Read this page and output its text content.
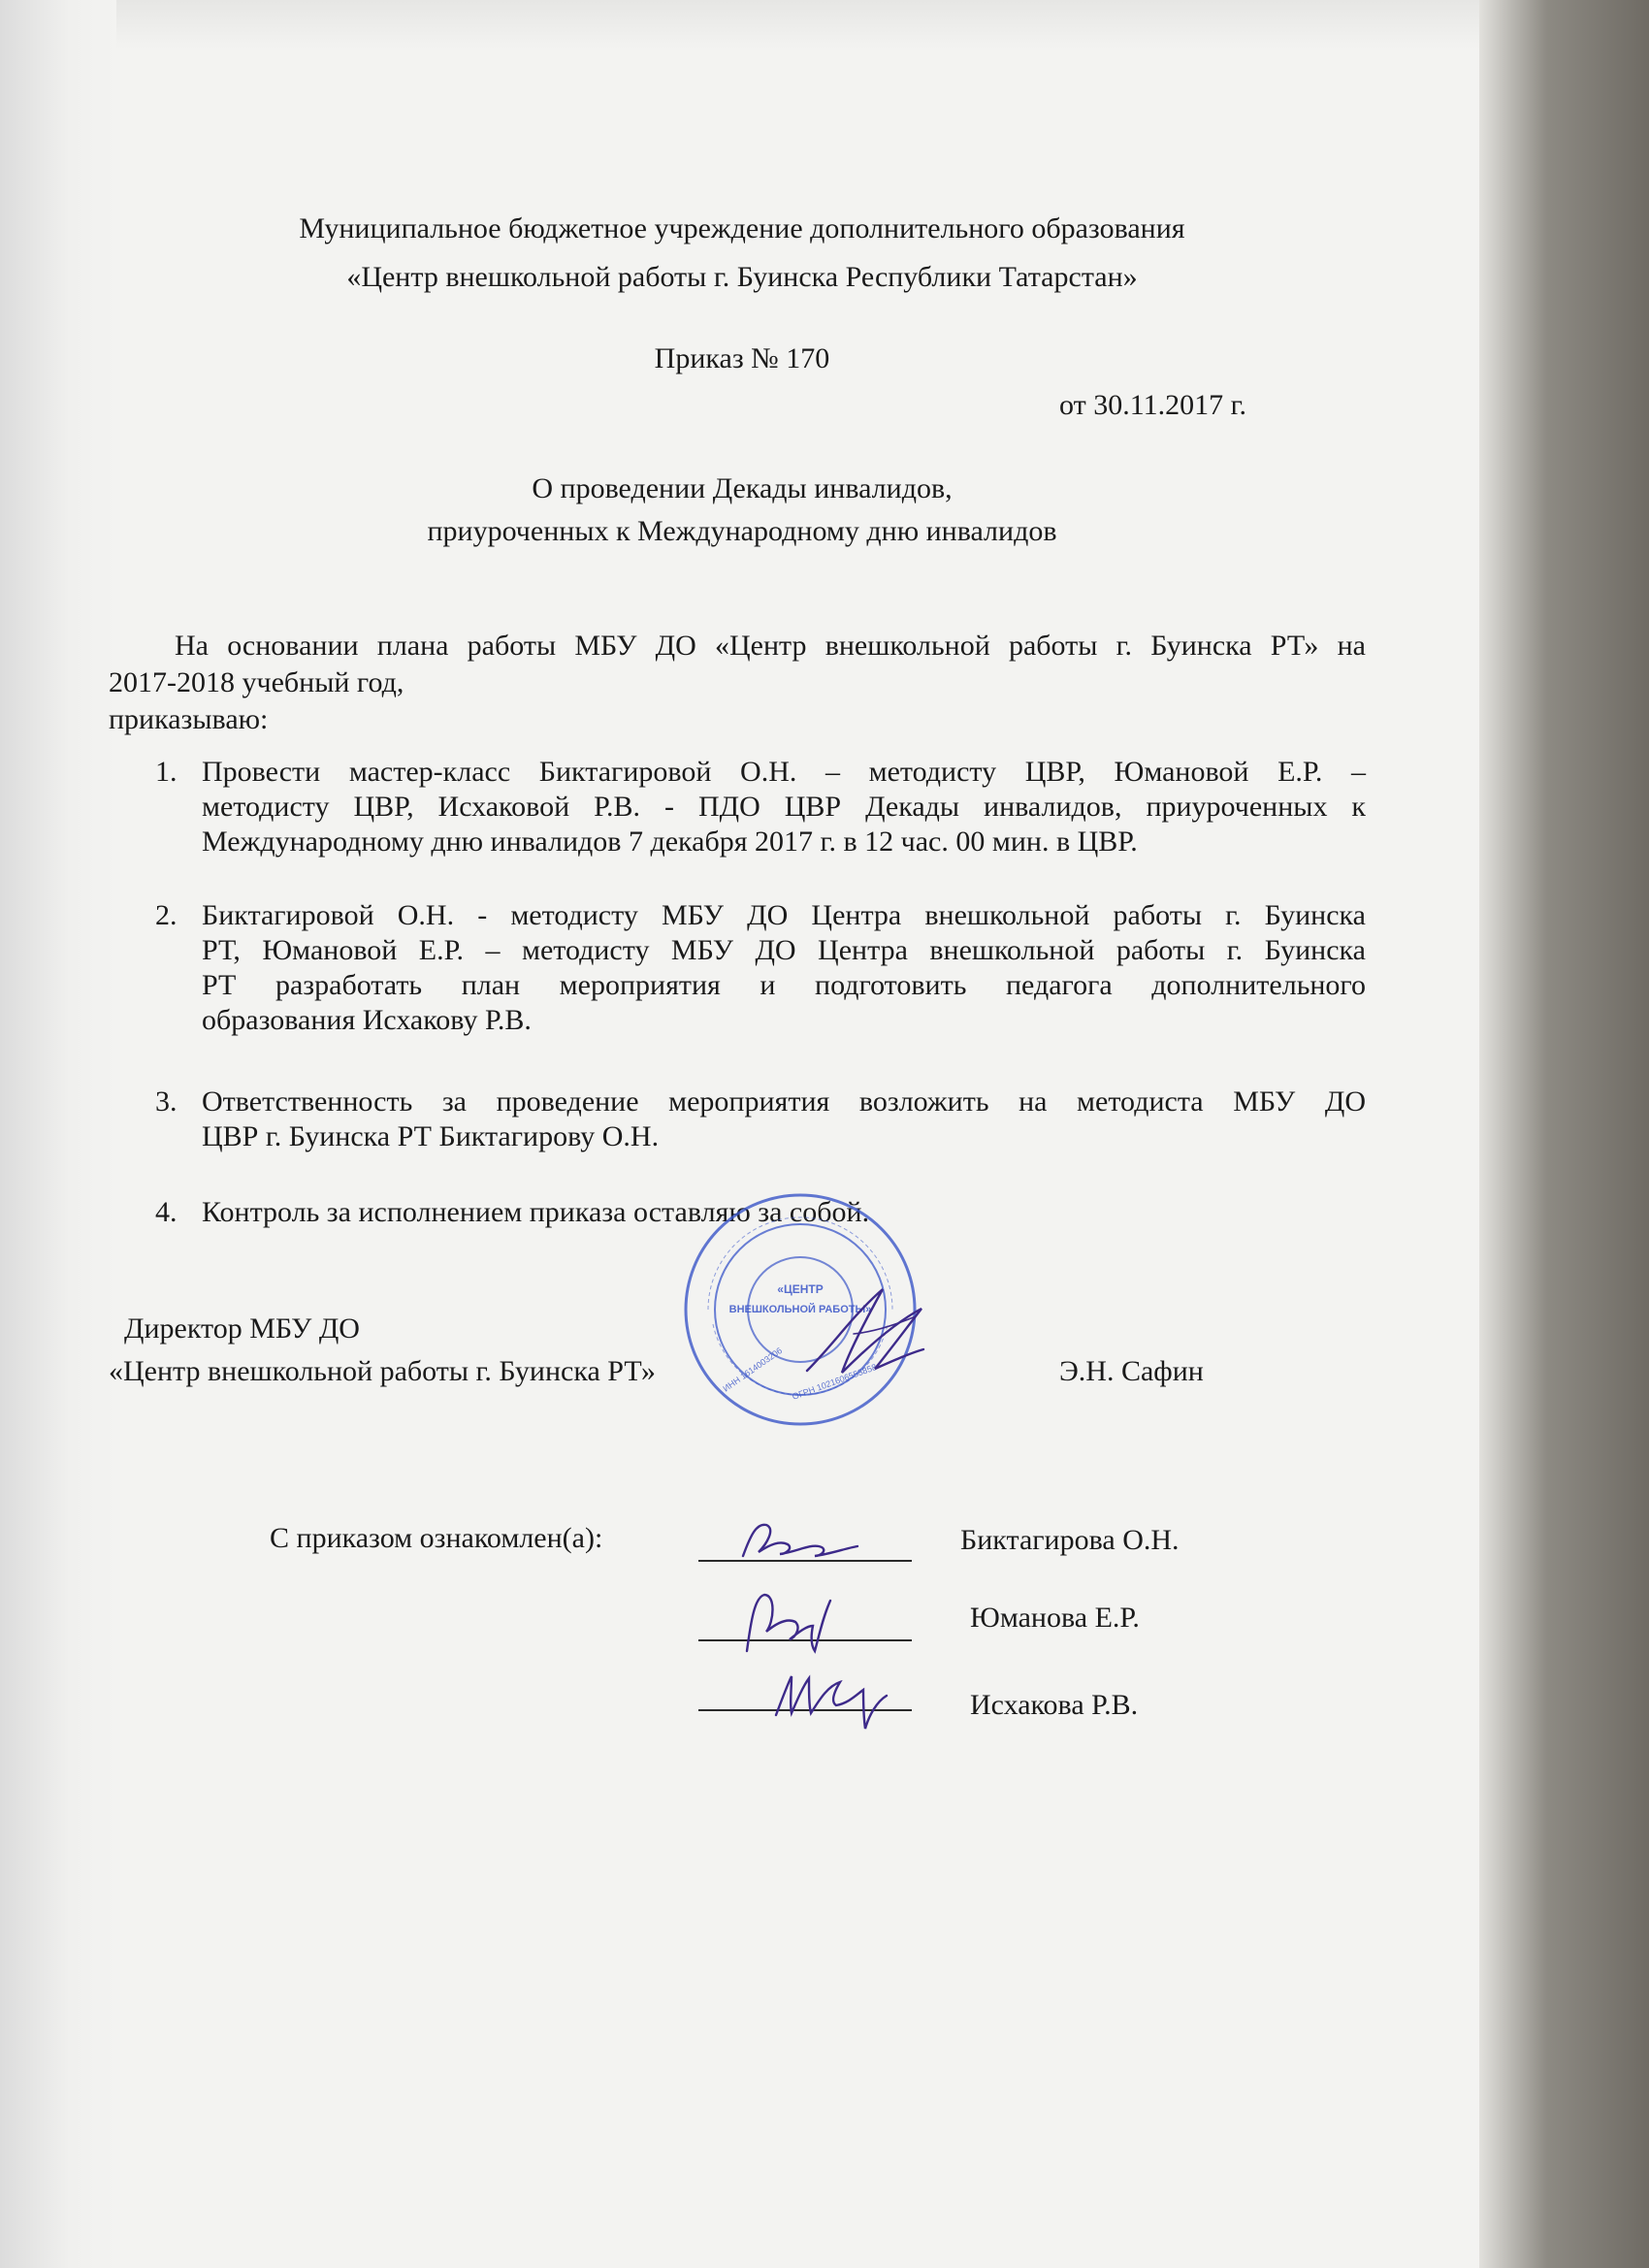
Муниципальное бюджетное учреждение дополнительного образования
«Центр внешкольной работы г. Буинска Республики Татарстан»
Приказ № 170
от 30.11.2017 г.
О проведении Декады инвалидов,
приуроченных к Международному дню инвалидов
На основании плана работы МБУ ДО «Центр внешкольной работы г. Буинска РТ» на
2017-2018 учебный год,
приказываю:
1. Провести мастер-класс Биктагировой О.Н. – методисту ЦВР, Юмановой Е.Р. –
методисту ЦВР, Исхаковой Р.В. - ПДО ЦВР Декады инвалидов, приуроченных к
Международному дню инвалидов 7 декабря 2017 г. в 12 час. 00 мин. в ЦВР.
2. Биктагировой О.Н. - методисту МБУ ДО Центра внешкольной работы г. Буинска
РТ, Юмановой Е.Р. – методисту МБУ ДО Центра внешкольной работы г. Буинска
РТ разработать план мероприятия и подготовить педагога дополнительного
образования Исхакову Р.В.
3. Ответственность за проведение мероприятия возложить на методиста МБУ ДО
ЦВР г. Буинска РТ Биктагирову О.Н.
4. Контроль за исполнением приказа оставляю за собой.
Директор МБУ ДО
«Центр внешкольной работы г. Буинска РТ»	Э.Н. Сафин
«ЦЕНТР
ВНЕШКОЛЬНОЙ РАБОТЫ»
ИНН 1614003206 ОГРН 1021606553858
С приказом ознакомлен(а):	Биктагирова О.Н.
Юманова Е.Р.
Исхакова Р.В.
